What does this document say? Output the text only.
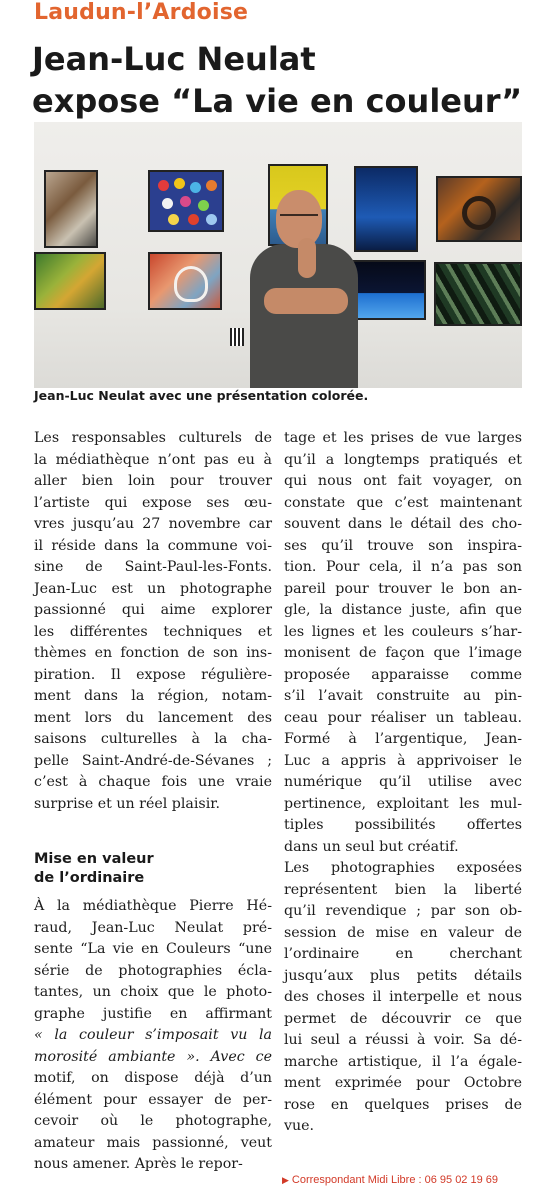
Laudun-l’Ardoise
Jean-Luc Neulat
expose “La vie en couleur”
Jean-Luc Neulat avec une présentation colorée.
Les responsables culturels de
la médiathèque n’ont pas eu à
aller bien loin pour trouver
l’artiste qui expose ses œu-
vres jusqu’au 27 novembre car
il réside dans la commune voi-
sine de Saint-Paul-les-Fonts.
Jean-Luc est un photographe
passionné qui aime explorer
les différentes techniques et
thèmes en fonction de son ins-
piration. Il expose régulière-
ment dans la région, notam-
ment lors du lancement des
saisons culturelles à la cha-
pelle Saint-André-de-Sévanes ;
c’est à chaque fois une vraie
surprise et un réel plaisir.
Mise en valeur
de l’ordinaire
À la médiathèque Pierre Hé-
raud, Jean-Luc Neulat pré-
sente “La vie en Couleurs “une
série de photographies écla-
tantes, un choix que le photo-
graphe justifie en affirmant
« la couleur s’imposait vu la
morosité ambiante ». Avec ce
motif, on dispose déjà d’un
élément pour essayer de per-
cevoir où le photographe,
amateur mais passionné, veut
nous amener. Après le repor-
tage et les prises de vue larges
qu’il a longtemps pratiqués et
qui nous ont fait voyager, on
constate que c’est maintenant
souvent dans le détail des cho-
ses qu’il trouve son inspira-
tion. Pour cela, il n’a pas son
pareil pour trouver le bon an-
gle, la distance juste, afin que
les lignes et les couleurs s’har-
monisent de façon que l’image
proposée apparaisse comme
s’il l’avait construite au pin-
ceau pour réaliser un tableau.
Formé à l’argentique, Jean-
Luc a appris à apprivoiser le
numérique qu’il utilise avec
pertinence, exploitant les mul-
tiples possibilités offertes
dans un seul but créatif.
Les photographies exposées
représentent bien la liberté
qu’il revendique ; par son ob-
session de mise en valeur de
l’ordinaire en cherchant
jusqu’aux plus petits détails
des choses il interpelle et nous
permet de découvrir ce que
lui seul a réussi à voir. Sa dé-
marche artistique, il l’a égale-
ment exprimée pour Octobre
rose en quelques prises de
vue.
▶ Correspondant Midi Libre : 06 95 02 19 69
